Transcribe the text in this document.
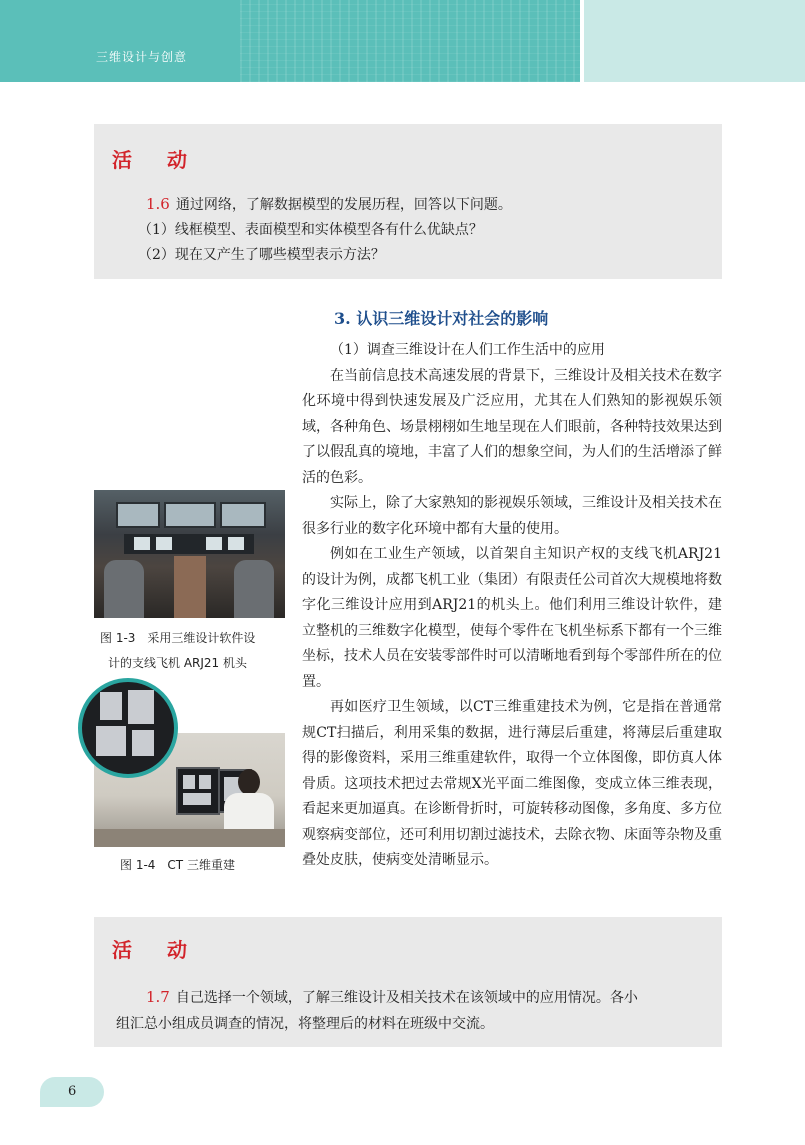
三维设计与创意
活 动
1.6 通过网络，了解数据模型的发展历程，回答以下问题。
（1）线框模型、表面模型和实体模型各有什么优缺点？
（2）现在又产生了哪些模型表示方法？
3. 认识三维设计对社会的影响

（1）调查三维设计在人们工作生活中的应用

在当前信息技术高速发展的背景下，三维设计及相关技术在数字化环境中得到快速发展及广泛应用，尤其在人们熟知的影视娱乐领域，各种角色、场景栩栩如生地呈现在人们眼前，各种特技效果达到了以假乱真的境地，丰富了人们的想象空间，为人们的生活增添了鲜活的色彩。

实际上，除了大家熟知的影视娱乐领域，三维设计及相关技术在很多行业的数字化环境中都有大量的使用。

例如在工业生产领域，以首架自主知识产权的支线飞机ARJ21的设计为例，成都飞机工业（集团）有限责任公司首次大规模地将数字化三维设计应用到ARJ21的机头上。他们利用三维设计软件，建立整机的三维数字化模型，使每个零件在飞机坐标系下都有一个三维坐标，技术人员在安装零部件时可以清晰地看到每个零部件所在的位置。

再如医疗卫生领域，以CT三维重建技术为例，它是指在普通常规CT扫描后，利用采集的数据，进行薄层后重建，将薄层后重建取得的影像资料，采用三维重建软件，取得一个立体图像，即仿真人体骨质。这项技术把过去常规X光平面二维图像，变成立体三维表现，看起来更加逼真。在诊断骨折时，可旋转移动图像，多角度、多方位观察病变部位，还可利用切割过滤技术，去除衣物、床面等杂物及重叠处皮肤，使病变处清晰显示。

图 1-3　采用三维设计软件设
计的支线飞机 ARJ21 机头
图 1-4　CT 三维重建
活 动
1.7 自己选择一个领域，了解三维设计及相关技术在该领域中的应用情况。各小
组汇总小组成员调查的情况，将整理后的材料在班级中交流。
6
